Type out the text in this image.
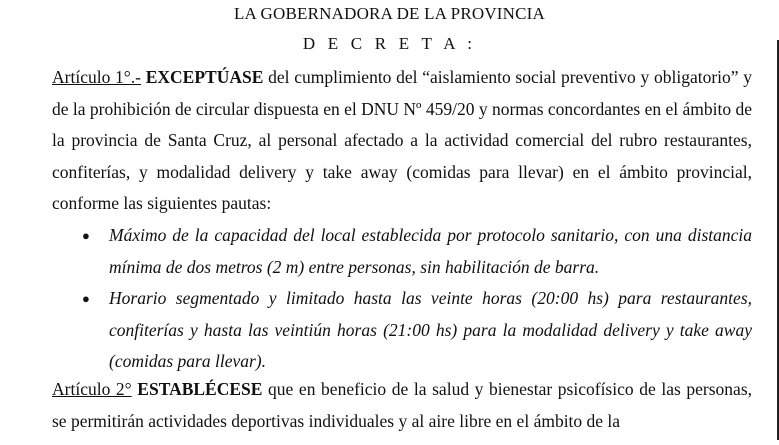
LA GOBERNADORA DE LA PROVINCIA
D E C R E T A :
Artículo 1°.- EXCEPTÚASE del cumplimiento del “aislamiento social preventivo y obligatorio” y de la prohibición de circular dispuesta en el DNU Nº 459/20 y normas concordantes en el ámbito de la provincia de Santa Cruz, al personal afectado a la actividad comercial del rubro restaurantes, confiterías, y modalidad delivery y take away (comidas para llevar) en el ámbito provincial, conforme las siguientes pautas:
● Máximo de la capacidad del local establecida por protocolo sanitario, con una distancia mínima de dos metros (2 m) entre personas, sin habilitación de barra.
● Horario segmentado y limitado hasta las veinte horas (20:00 hs) para restaurantes, confiterías y hasta las veintiún horas (21:00 hs) para la modalidad delivery y take away (comidas para llevar).
Artículo 2° ESTABLÉCESE que en beneficio de la salud y bienestar psicofísico de las personas, se permitirán actividades deportivas individuales y al aire libre en el ámbito de la
